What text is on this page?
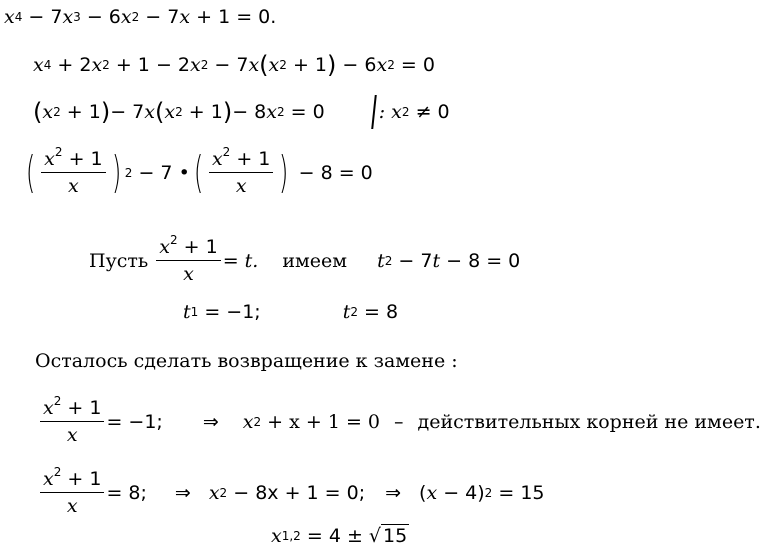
x 4 − 7 x 3 − 6 x 2 − 7 x + 1 = 0.
x 4 + 2 x 2 + 1 − 2 x 2 − 7 x ( x 2 + 1 ) − 6 x 2
= 0
( x 2 + 1 ) − 7 x ( x 2 + 1 ) − 8 x 2
= 0	: x 2
≠ 0
( $\frac{x^2 + 1}{x}$ ) 2 − 7 • ( $\frac{x^2 + 1}{x}$ ) − 8 = 0
Пусть $\frac{x^2 + 1}{x} = t$. имеем t 2 − 7 t
− 8 = 0
t 1
= −1;	t 2
= 8
Осталось сделать возвращение к замене :
$\frac{x^2 + 1}{x} = -1$; ⇒ x 2
+ x + 1 = 0 – действительных корней не имеет.
$\frac{x^2 + 1}{x} = 8$; ⇒ x 2
− 8x + 1 = 0; ⇒ ( x − 4) 2
= 15
x 1,2
= 4 ±
√ 15
